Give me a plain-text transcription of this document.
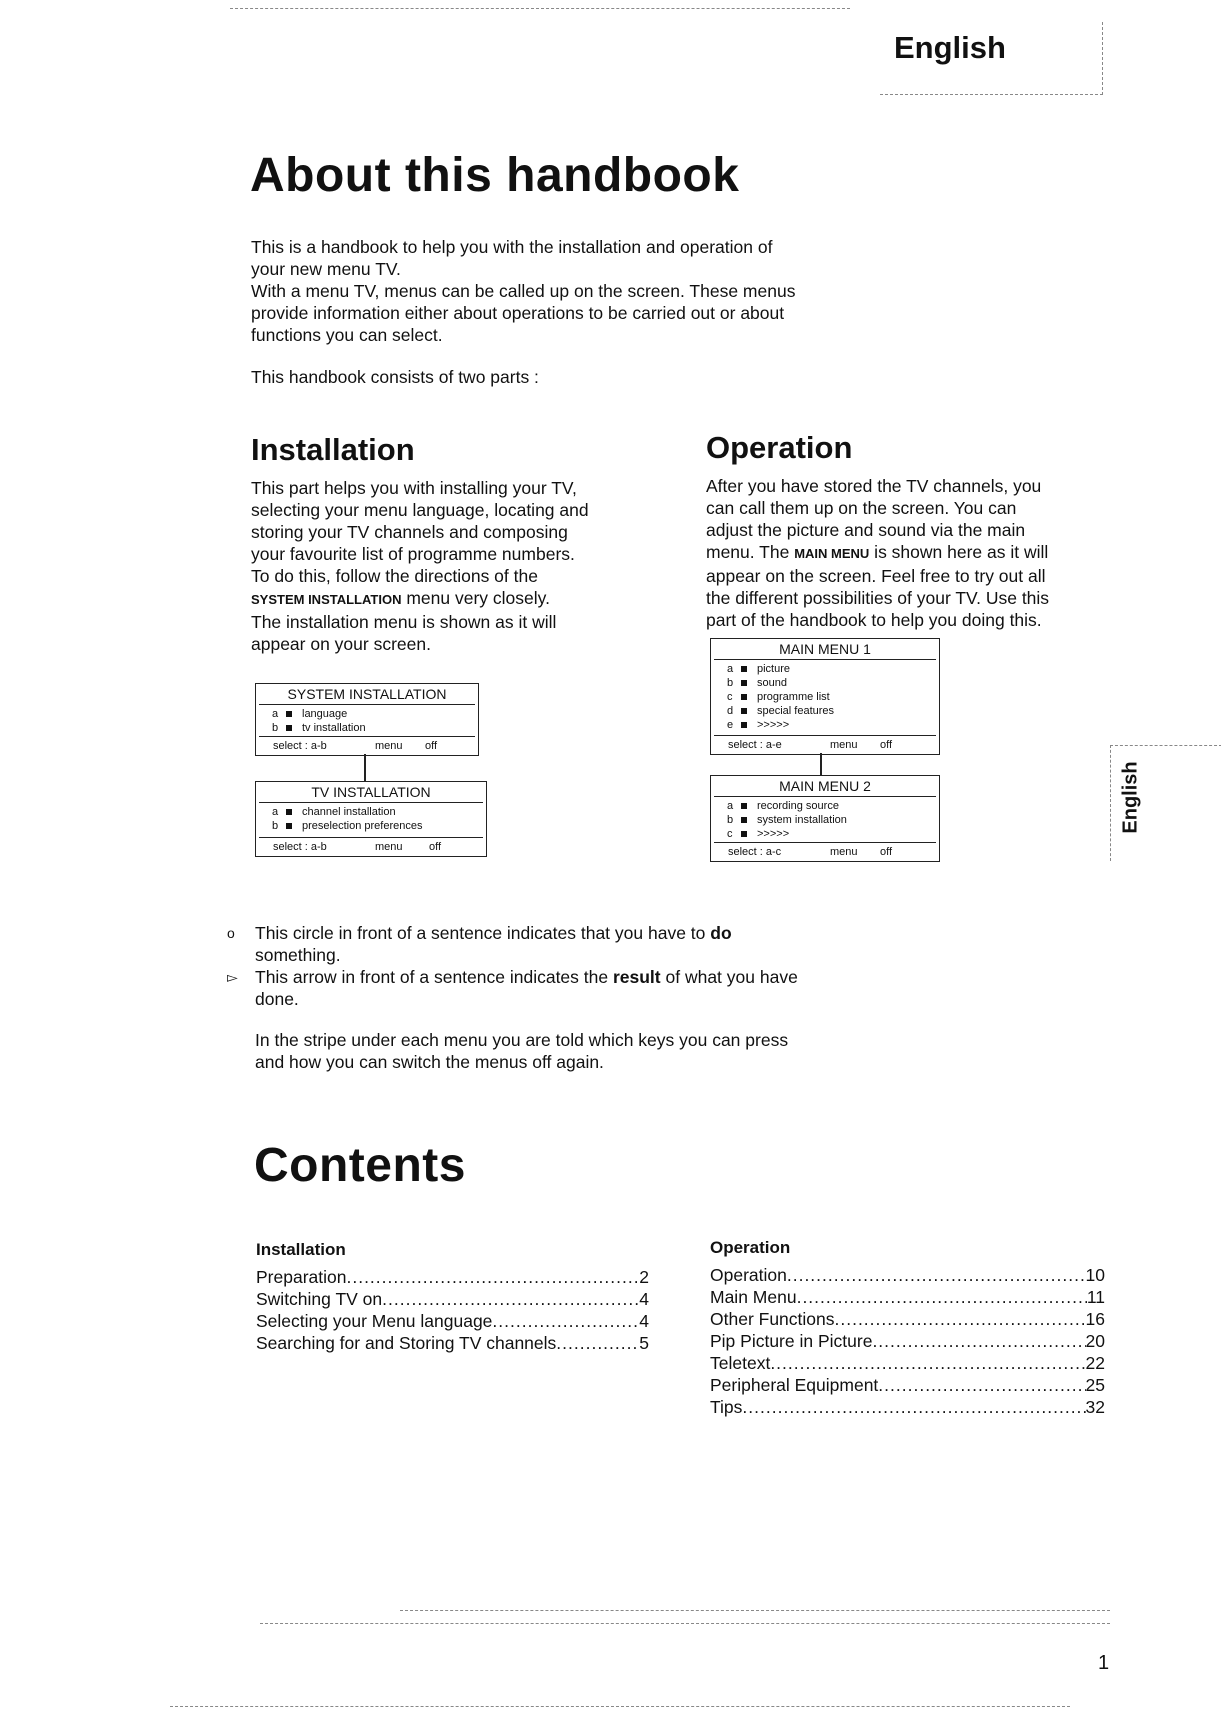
English
About this handbook

This is a handbook to help you with the installation and operation of

your new menu TV.

With a menu TV, menus can be called up on the screen. These menus

provide information either about operations to be carried out or about

functions you can select.

This handbook consists of two parts :
Installation

This part helps you with installing your TV,

selecting your menu language, locating and

storing your TV channels and composing

your favourite list of programme numbers.

To do this, follow the directions of the

SYSTEM INSTALLATION menu very closely.

The installation menu is shown as it will

appear on your screen.

Operation

After you have stored the TV channels, you

can call them up on the screen. You can

adjust the picture and sound via the main

menu. The MAIN MENU is shown here as it will

appear on the screen. Feel free to try out all

the different possibilities of your TV. Use this

part of the handbook to help you doing this.

SYSTEM INSTALLATION
a language
b tv installation
select : a-b	menu off
TV INSTALLATION
a channel installation
b preselection preferences
select : a-b	menu off
MAIN MENU 1
a picture
b sound
c programme list
d special features
e >>>>>
select : a-e	menu off
MAIN MENU 2
a recording source
b system installation
c >>>>>
select : a-c	menu off
English
o This circle in front of a sentence indicates that you have to do
something.
▻ This arrow in front of a sentence indicates the result of what you have
done.

In the stripe under each menu you are told which keys you can press

and how you can switch the menus off again.

Contents
Installation
Preparation .....	2
Switching TV on .....	4
Selecting your Menu language .....	4
Searching for and Storing TV channels .....	5
Operation
Operation .....	10
Main Menu .....	11
Other Functions .....	16
Pip Picture in Picture .....	20
Teletext .....	22
Peripheral Equipment .....	25
Tips .....	32
1
